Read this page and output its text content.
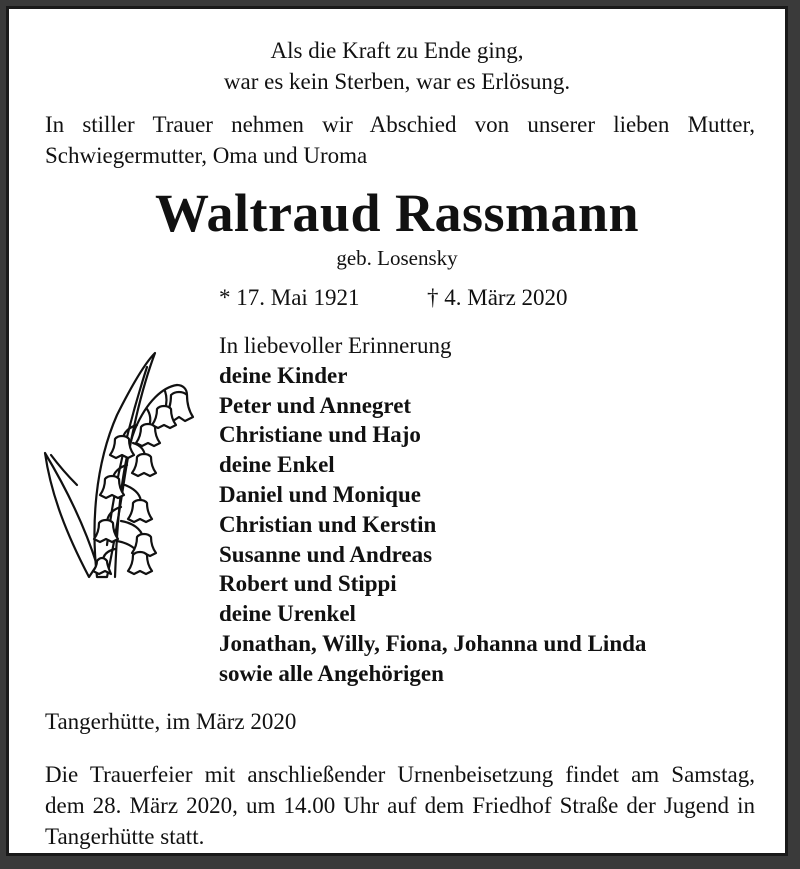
Als die Kraft zu Ende ging,
war es kein Sterben, war es Erlösung.
In stiller Trauer nehmen wir Abschied von unserer lieben Mutter, Schwiegermutter, Oma und Uroma
Waltraud Rassmann
geb. Losensky
* 17. Mai 1921	† 4. März 2020
In liebevoller Erinnerung
deine Kinder
Peter und Annegret
Christiane und Hajo
deine Enkel
Daniel und Monique
Christian und Kerstin
Susanne und Andreas
Robert und Stippi
deine Urenkel
Jonathan, Willy, Fiona, Johanna und Linda
sowie alle Angehörigen
Tangerhütte, im März 2020
Die Trauerfeier mit anschließender Urnenbeisetzung findet am Samstag, dem 28. März 2020, um 14.00 Uhr auf dem Friedhof Straße der Jugend in Tangerhütte statt.
